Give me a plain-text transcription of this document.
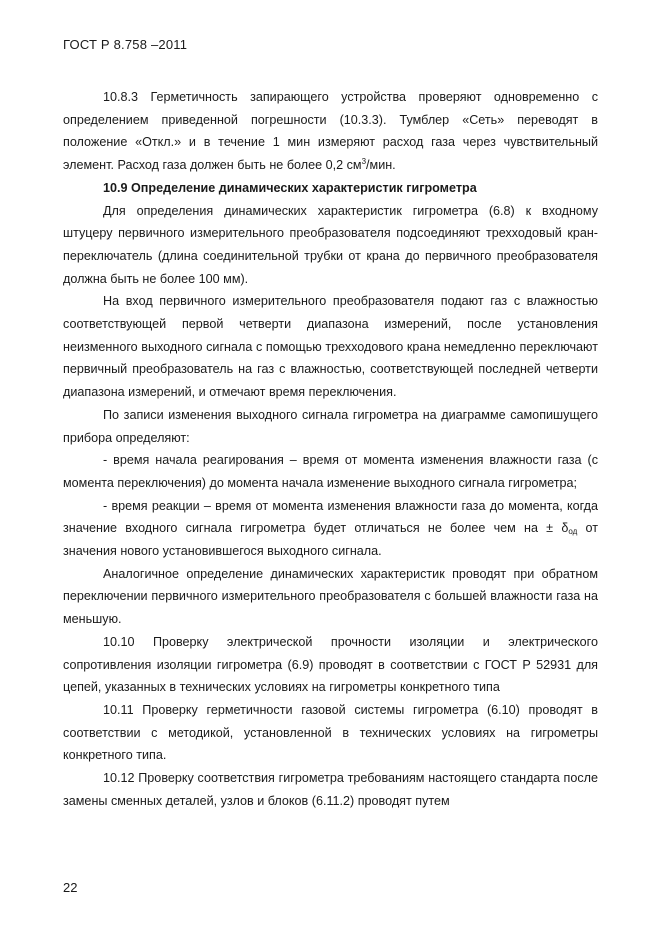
ГОСТ Р 8.758 –2011

10.8.3 Герметичность запирающего устройства проверяют одновременно с определением приведенной погрешности (10.3.3). Тумблер «Сеть» переводят в положение «Откл.» и в течение 1 мин измеряют расход газа через чувствительный элемент. Расход газа должен быть не более 0,2 $см^3$/мин.

10.9 Определение динамических характеристик гигрометра

Для определения динамических характеристик гигрометра (6.8) к входному штуцеру первичного измерительного преобразователя подсоединяют трехходовый кран-переключатель (длина соединительной трубки от крана до первичного преобразователя должна быть не более 100 мм).

На вход первичного измерительного преобразователя подают газ с влажностью соответствующей первой четверти диапазона измерений, после установления неизменного выходного сигнала с помощью трехходового крана немедленно переключают первичный преобразователь на газ с влажностью, соответствующей последней четверти диапазона измерений, и отмечают время переключения.

По записи изменения выходного сигнала гигрометра на диаграмме самопишущего прибора определяют:

- время начала реагирования – время от момента изменения влажности газа (с момента переключения) до момента начала изменение выходного сигнала гигрометра;

- время реакции – время от момента изменения влажности газа до момента, когда значение входного сигнала гигрометра будет отличаться не более чем на ± $\delta_{од}$ от значения нового установившегося выходного сигнала.

Аналогичное определение динамических характеристик проводят при обратном переключении первичного измерительного преобразователя с большей влажности газа на меньшую.

10.10 Проверку электрической прочности изоляции и электрического сопротивления изоляции гигрометра (6.9) проводят в соответствии с ГОСТ Р 52931 для цепей, указанных в технических условиях на гигрометры конкретного типа

10.11 Проверку герметичности газовой системы гигрометра (6.10) проводят в соответствии с методикой, установленной в технических условиях на гигрометры конкретного типа.

10.12 Проверку соответствия гигрометра требованиям настоящего стандарта после замены сменных деталей, узлов и блоков (6.11.2) проводят путем

22
